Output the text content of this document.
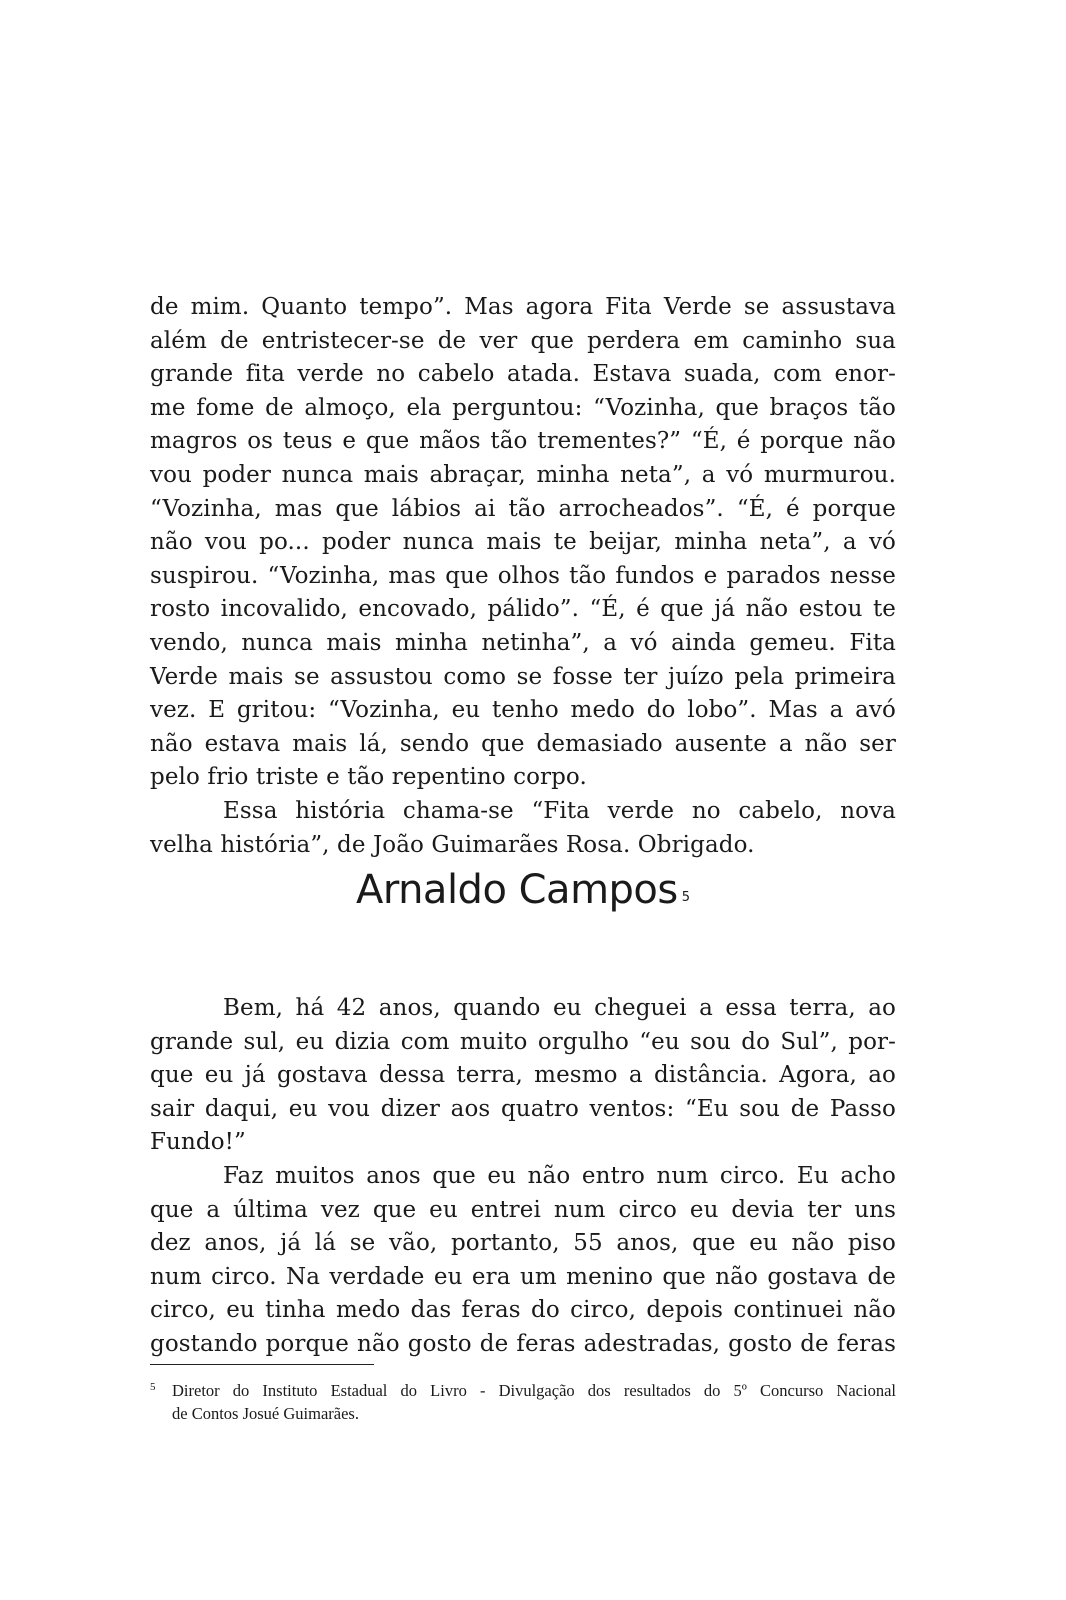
de mim. Quanto tempo”. Mas agora Fita Verde se assustava
além de entristecer-se de ver que perdera em caminho sua
grande fita verde no cabelo atada. Estava suada, com enor-
me fome de almoço, ela perguntou: “Vozinha, que braços tão
magros os teus e que mãos tão trementes?” “É, é porque não
vou poder nunca mais abraçar, minha neta”, a vó murmurou.
“Vozinha, mas que lábios ai tão arrocheados”. “É, é porque
não vou po... poder nunca mais te beijar, minha neta”, a vó
suspirou. “Vozinha, mas que olhos tão fundos e parados nesse
rosto incovalido, encovado, pálido”. “É, é que já não estou te
vendo, nunca mais minha netinha”, a vó ainda gemeu. Fita
Verde mais se assustou como se fosse ter juízo pela primeira
vez. E gritou: “Vozinha, eu tenho medo do lobo”. Mas a avó
não estava mais lá, sendo que demasiado ausente a não ser
pelo frio triste e tão repentino corpo.
Essa história chama-se “Fita verde no cabelo, nova
velha história”, de João Guimarães Rosa. Obrigado.
Arnaldo Campos $^5$
Bem, há 42 anos, quando eu cheguei a essa terra, ao
grande sul, eu dizia com muito orgulho “eu sou do Sul”, por-
que eu já gostava dessa terra, mesmo a distância. Agora, ao
sair daqui, eu vou dizer aos quatro ventos: “Eu sou de Passo
Fundo!”
Faz muitos anos que eu não entro num circo. Eu acho
que a última vez que eu entrei num circo eu devia ter uns
dez anos, já lá se vão, portanto, 55 anos, que eu não piso
num circo. Na verdade eu era um menino que não gostava de
circo, eu tinha medo das feras do circo, depois continuei não
gostando porque não gosto de feras adestradas, gosto de feras
5	Diretor do Instituto Estadual do Livro - Divulgação dos resultados do 5º Concurso Nacional
de Contos Josué Guimarães.
